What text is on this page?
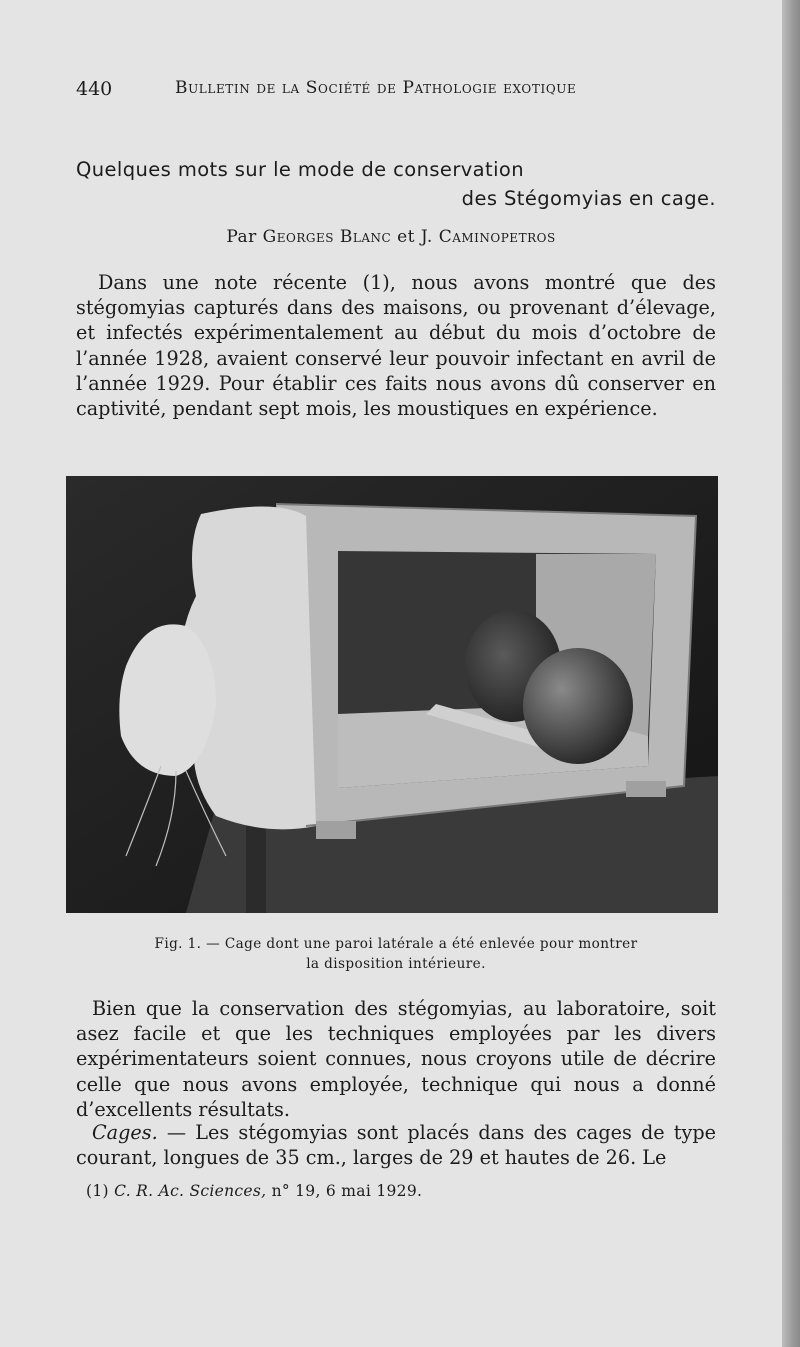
440	Bulletin de la Société de Pathologie exotique
Quelques mots sur le mode de conservation
des Stégomyias en cage.
Par Georges Blanc et J. Caminopetros

Dans une note récente (1), nous avons montré que des stégomyias capturés dans des maisons, ou provenant d’élevage, et infectés expérimentalement au début du mois d’octobre de l’année 1928, avaient conservé leur pouvoir infectant en avril de l’année 1929. Pour établir ces faits nous avons dû conserver en captivité, pendant sept mois, les moustiques en expérience.

Fig. 1. — Cage dont une paroi latérale a été enlevée pour montrer
la disposition intérieure.

Bien que la conservation des stégomyias, au laboratoire, soit asez facile et que les techniques employées par les divers expérimentateurs soient connues, nous croyons utile de décrire celle que nous avons employée, technique qui nous a donné d’excellents résultats.

Cages. — Les stégomyias sont placés dans des cages de type courant, longues de 35 cm., larges de 29 et hautes de 26. Le

(1) C. R. Ac. Sciences, n° 19, 6 mai 1929.
